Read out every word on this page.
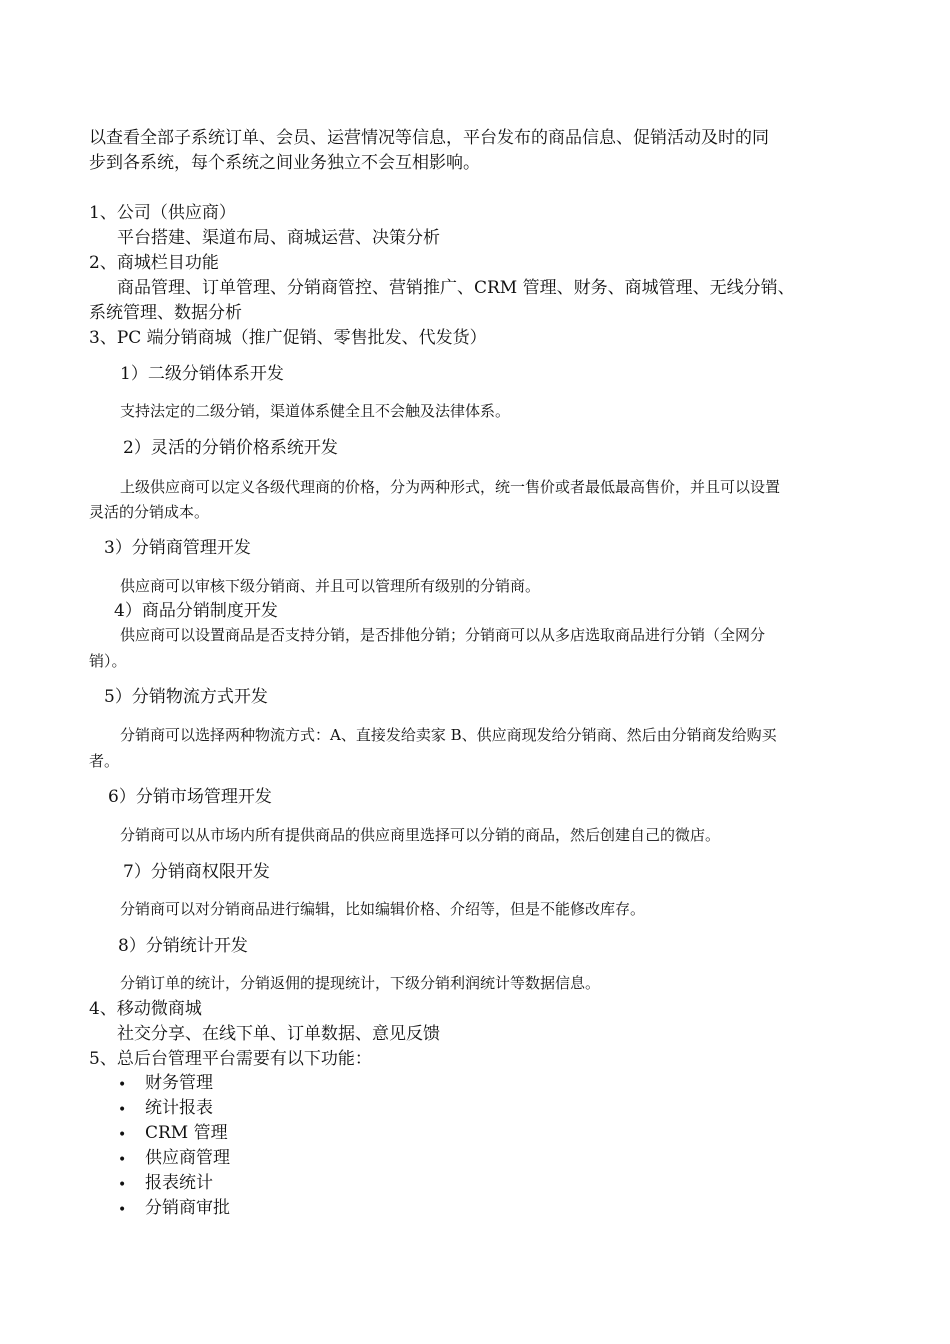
以查看全部子系统订单、会员、运营情况等信息，平台发布的商品信息、促销活动及时的同
步到各系统，每个系统之间业务独立不会互相影响。
1、公司（供应商）
平台搭建、渠道布局、商城运营、决策分析
2、商城栏目功能
商品管理、订单管理、分销商管控、营销推广、CRM 管理、财务、商城管理、无线分销、
系统管理、数据分析
3、PC 端分销商城（推广促销、零售批发、代发货）
1）二级分销体系开发
支持法定的二级分销，渠道体系健全且不会触及法律体系。
2）灵活的分销价格系统开发
上级供应商可以定义各级代理商的价格，分为两种形式，统一售价或者最低最高售价，并且可以设置
灵活的分销成本。
3）分销商管理开发
供应商可以审核下级分销商、并且可以管理所有级别的分销商。
4）商品分销制度开发
供应商可以设置商品是否支持分销，是否排他分销；分销商可以从多店选取商品进行分销（全网分
销）。
5）分销物流方式开发
分销商可以选择两种物流方式：A、直接发给卖家 B、供应商现发给分销商、然后由分销商发给购买
者。
6）分销市场管理开发
分销商可以从市场内所有提供商品的供应商里选择可以分销的商品，然后创建自己的微店。
7）分销商权限开发
分销商可以对分销商品进行编辑，比如编辑价格、介绍等，但是不能修改库存。
8）分销统计开发
分销订单的统计，分销返佣的提现统计，下级分销利润统计等数据信息。
4、移动微商城
社交分享、在线下单、订单数据、意见反馈
5、总后台管理平台需要有以下功能：
• 财务管理
• 统计报表
• CRM 管理
• 供应商管理
• 报表统计
• 分销商审批
